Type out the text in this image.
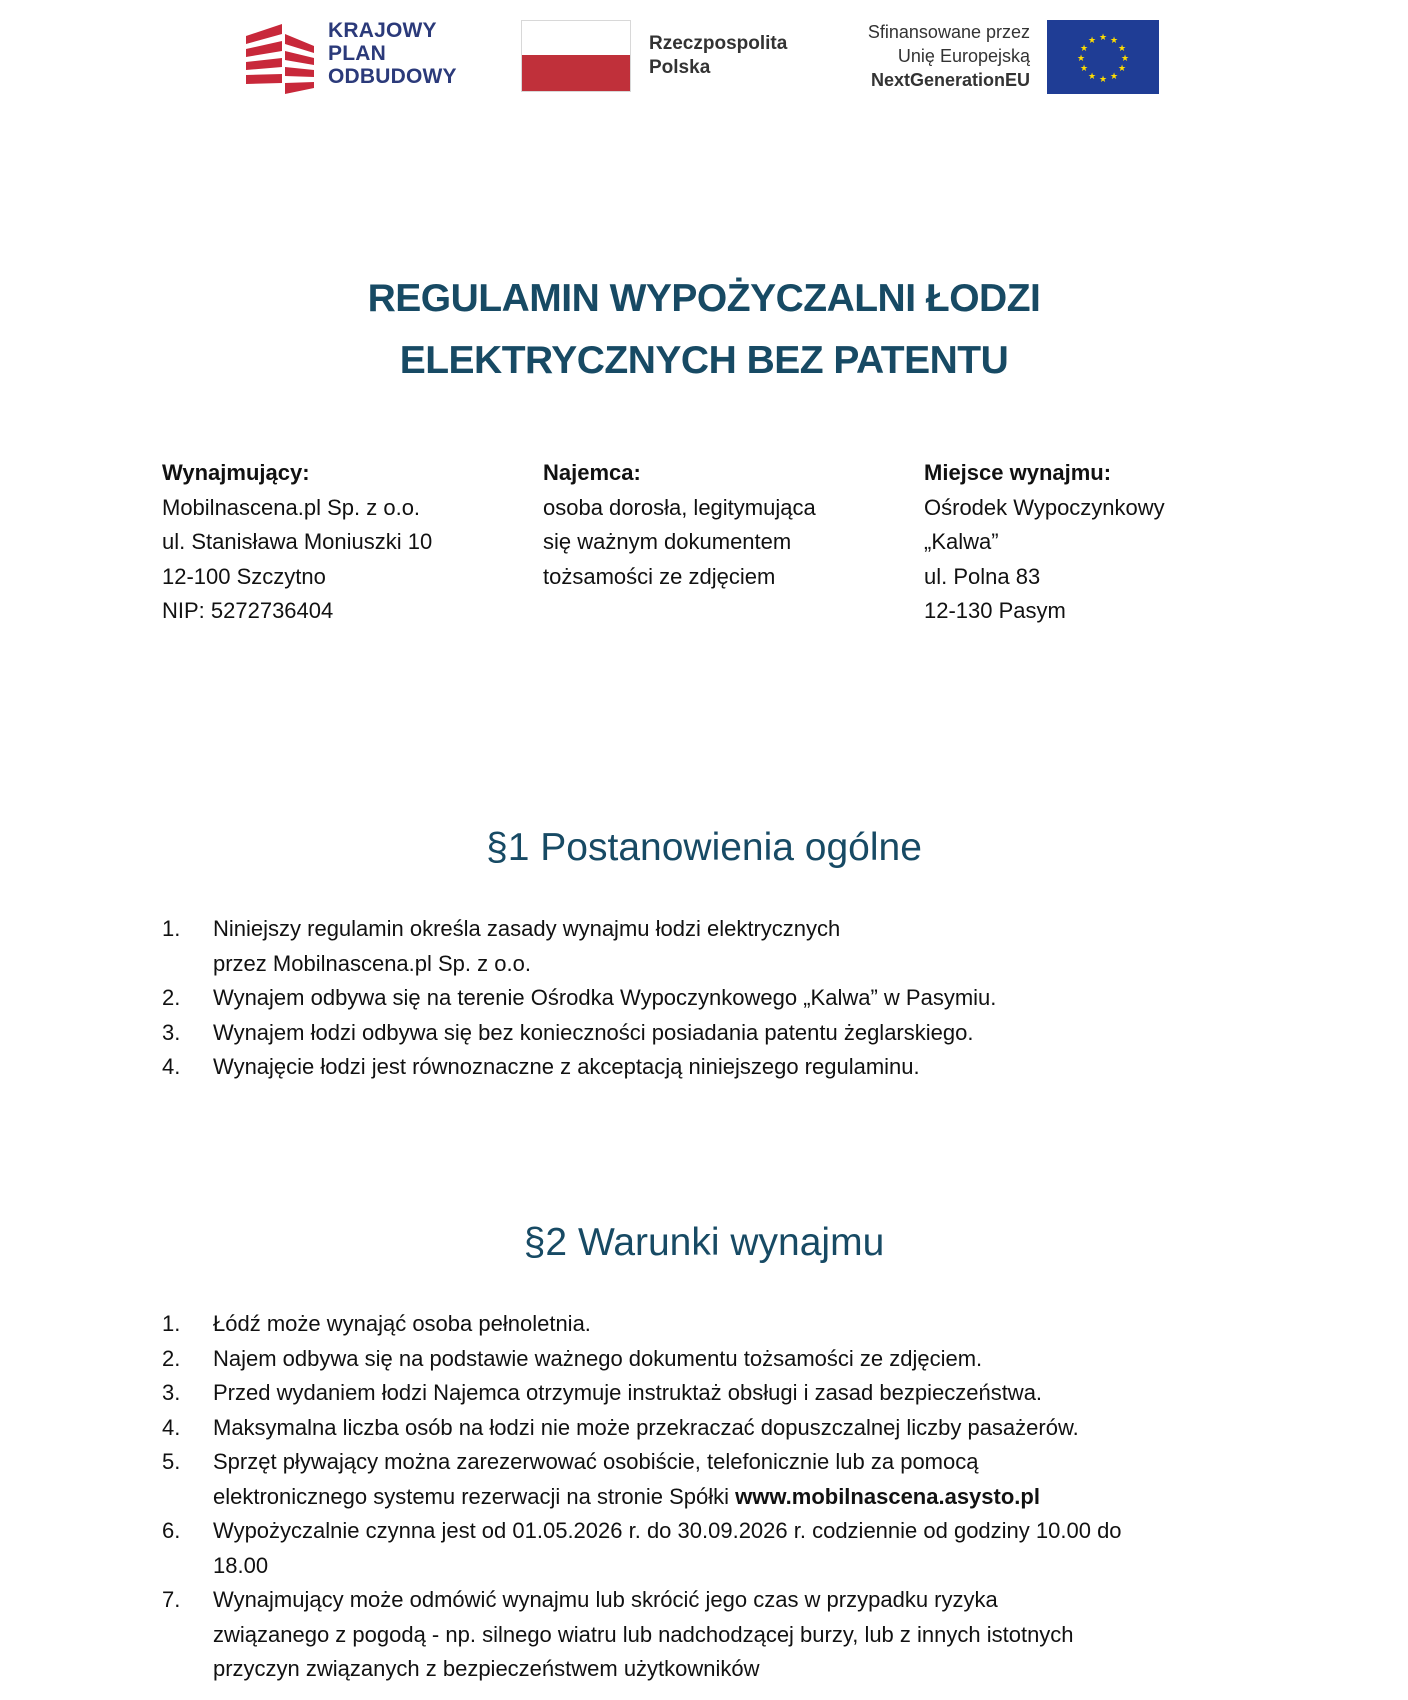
KRAJOWY
PLAN
ODBUDOWY
Rzeczpospolita
Polska
Sfinansowane przez
Unię Europejską
NextGenerationEU
★ ★
★
★
★
★
★
★
★
★
★
★
REGULAMIN WYPOŻYCZALNI ŁODZI
ELEKTRYCZNYCH BEZ PATENTU
Wynajmujący:
Mobilnascena.pl Sp. z o.o.
ul. Stanisława Moniuszki 10
12-100 Szczytno
NIP: 5272736404
Najemca:
osoba dorosła, legitymująca
się ważnym dokumentem
tożsamości ze zdjęciem
Miejsce wynajmu:
Ośrodek Wypoczynkowy
„Kalwa”
ul. Polna 83
12-130 Pasym
§1 Postanowienia ogólne
1. Niniejszy regulamin określa zasady wynajmu łodzi elektrycznych
przez Mobilnascena.pl Sp. z o.o.
2. Wynajem odbywa się na terenie Ośrodka Wypoczynkowego „Kalwa” w Pasymiu.
3. Wynajem łodzi odbywa się bez konieczności posiadania patentu żeglarskiego.
4. Wynajęcie łodzi jest równoznaczne z akceptacją niniejszego regulaminu.
§2 Warunki wynajmu
1. Łódź może wynająć osoba pełnoletnia.
2. Najem odbywa się na podstawie ważnego dokumentu tożsamości ze zdjęciem.
3. Przed wydaniem łodzi Najemca otrzymuje instruktaż obsługi i zasad bezpieczeństwa.
4. Maksymalna liczba osób na łodzi nie może przekraczać dopuszczalnej liczby pasażerów.
5. Sprzęt pływający można zarezerwować osobiście, telefonicznie lub za pomocą
elektronicznego systemu rezerwacji na stronie Spółki www.mobilnascena.asysto.pl
6. Wypożyczalnie czynna jest od 01.05.2026 r. do 30.09.2026 r. codziennie od godziny 10.00 do
18.00
7. Wynajmujący może odmówić wynajmu lub skrócić jego czas w przypadku ryzyka
związanego z pogodą - np. silnego wiatru lub nadchodzącej burzy, lub z innych istotnych
przyczyn związanych z bezpieczeństwem użytkowników
